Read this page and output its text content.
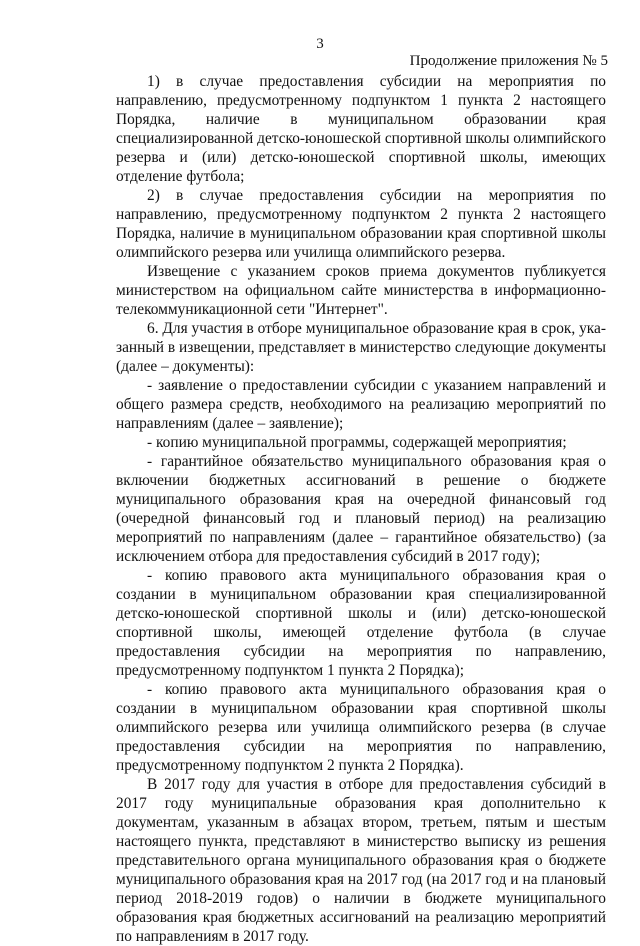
3
Продолжение приложения № 5

1) в случае предоставления субсидии на мероприятия по направлению, предусмотренному подпунктом 1 пункта 2 настоящего Порядка, наличие в муниципальном образовании края специализированной детско-юношеской спортивной школы олимпийского резерва и (или) детско-юношеской спортивной школы, имеющих отделение футбола;

2) в случае предоставления субсидии на мероприятия по направлению, предусмотренному подпунктом 2 пункта 2 настоящего Порядка, наличие в муниципальном образовании края спортивной школы олимпийского резерва или училища олимпийского резерва.

Извещение с указанием сроков приема документов публикуется министерством на официальном сайте министерства в информационно-телекоммуникационной сети "Интернет".

6. Для участия в отборе муниципальное образование края в срок, указанный в извещении, представляет в министерство следующие документы (далее – документы):

- заявление о предоставлении субсидии с указанием направлений и общего размера средств, необходимого на реализацию мероприятий по направлениям (далее – заявление);

- копию муниципальной программы, содержащей мероприятия;

- гарантийное обязательство муниципального образования края о включении бюджетных ассигнований в решение о бюджете муниципального образования края на очередной финансовый год (очередной финансовый год и плановый период) на реализацию мероприятий по направлениям (далее – гарантийное обязательство) (за исключением отбора для предоставления субсидий в 2017 году);

- копию правового акта муниципального образования края о создании в муниципальном образовании края специализированной детско-юношеской спортивной школы и (или) детско-юношеской спортивной школы, имеющей отделение футбола (в случае предоставления субсидии на мероприятия по направлению, предусмотренному подпунктом 1 пункта 2 Порядка);

- копию правового акта муниципального образования края о создании в муниципальном образовании края спортивной школы олимпийского резерва или училища олимпийского резерва (в случае предоставления субсидии на мероприятия по направлению, предусмотренному подпунктом 2 пункта 2 Порядка).

В 2017 году для участия в отборе для предоставления субсидий в 2017 году муниципальные образования края дополнительно к документам, указанным в абзацах втором, третьем, пятым и шестым настоящего пункта, представляют в министерство выписку из решения представительного органа муниципального образования края о бюджете муниципального образования края на 2017 год (на 2017 год и на плановый период 2018-2019 годов) о наличии в бюджете муниципального образования края бюджетных ассигнований на реализацию мероприятий по направлениям в 2017 году.
